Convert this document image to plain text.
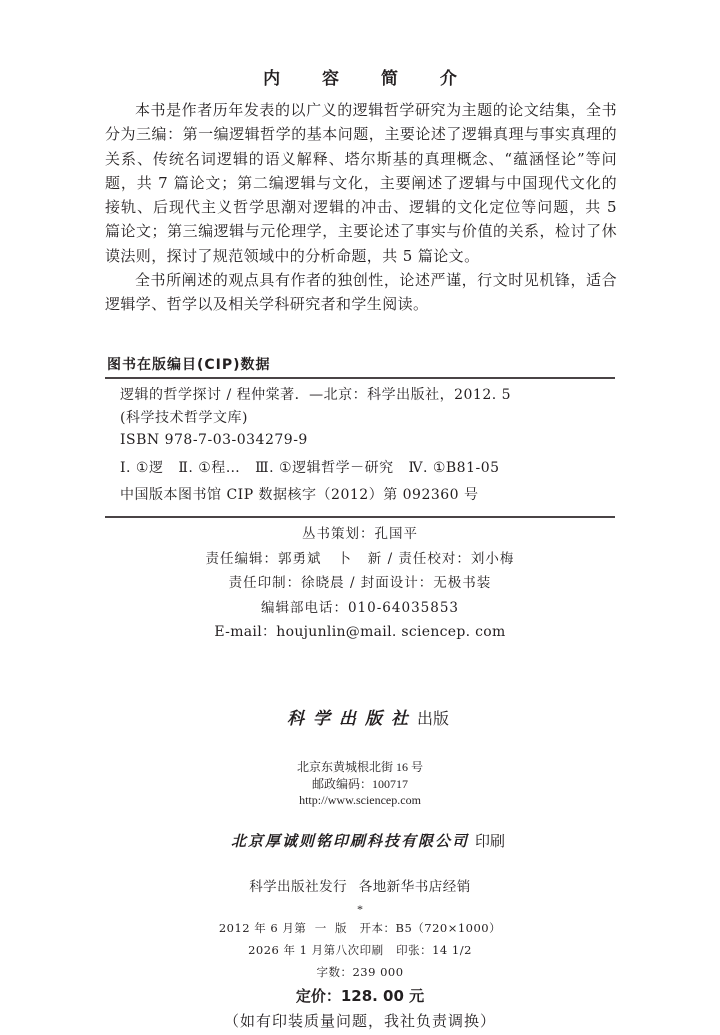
内 容 简 介

本书是作者历年发表的以广义的逻辑哲学研究为主题的论文结集，全书分为三编：第一编逻辑哲学的基本问题，主要论述了逻辑真理与事实真理的关系、传统名词逻辑的语义解释、塔尔斯基的真理概念、“蕴涵怪论”等问题，共 7 篇论文；第二编逻辑与文化，主要阐述了逻辑与中国现代文化的接轨、后现代主义哲学思潮对逻辑的冲击、逻辑的文化定位等问题，共 5 篇论文；第三编逻辑与元伦理学，主要论述了事实与价值的关系，检讨了休谟法则，探讨了规范领域中的分析命题，共 5 篇论文。

全书所阐述的观点具有作者的独创性，论述严谨，行文时见机锋，适合逻辑学、哲学以及相关学科研究者和学生阅读。

图书在版编目(CIP)数据
逻辑的哲学探讨 / 程仲棠著．—北京：科学出版社，2012. 5
(科学技术哲学文库)
ISBN 978-7-03-034279-9
Ⅰ. ①逻   Ⅱ. ①程…   Ⅲ. ①逻辑哲学－研究   Ⅳ. ①B81-05
中国版本图书馆 CIP 数据核字（2012）第 092360 号
丛书策划：孔国平
责任编辑：郭勇斌   卜   新 / 责任校对：刘小梅
责任印制：徐晓晨 / 封面设计：无极书装
编辑部电话：010-64035853
E-mail：houjunlin@mail. sciencep. com

科学出版社出版

北京东黄城根北街 16 号
邮政编码：100717
http://www.sciencep.com

北京厚诚则铭印刷科技有限公司 印刷

科学出版社发行   各地新华书店经销
*
2012 年 6 月第  一  版   开本：B5（720×1000）
2026 年 1 月第八次印刷   印张：14 1/2
字数：239 000
定价：128. 00 元
（如有印装质量问题，我社负责调换）
